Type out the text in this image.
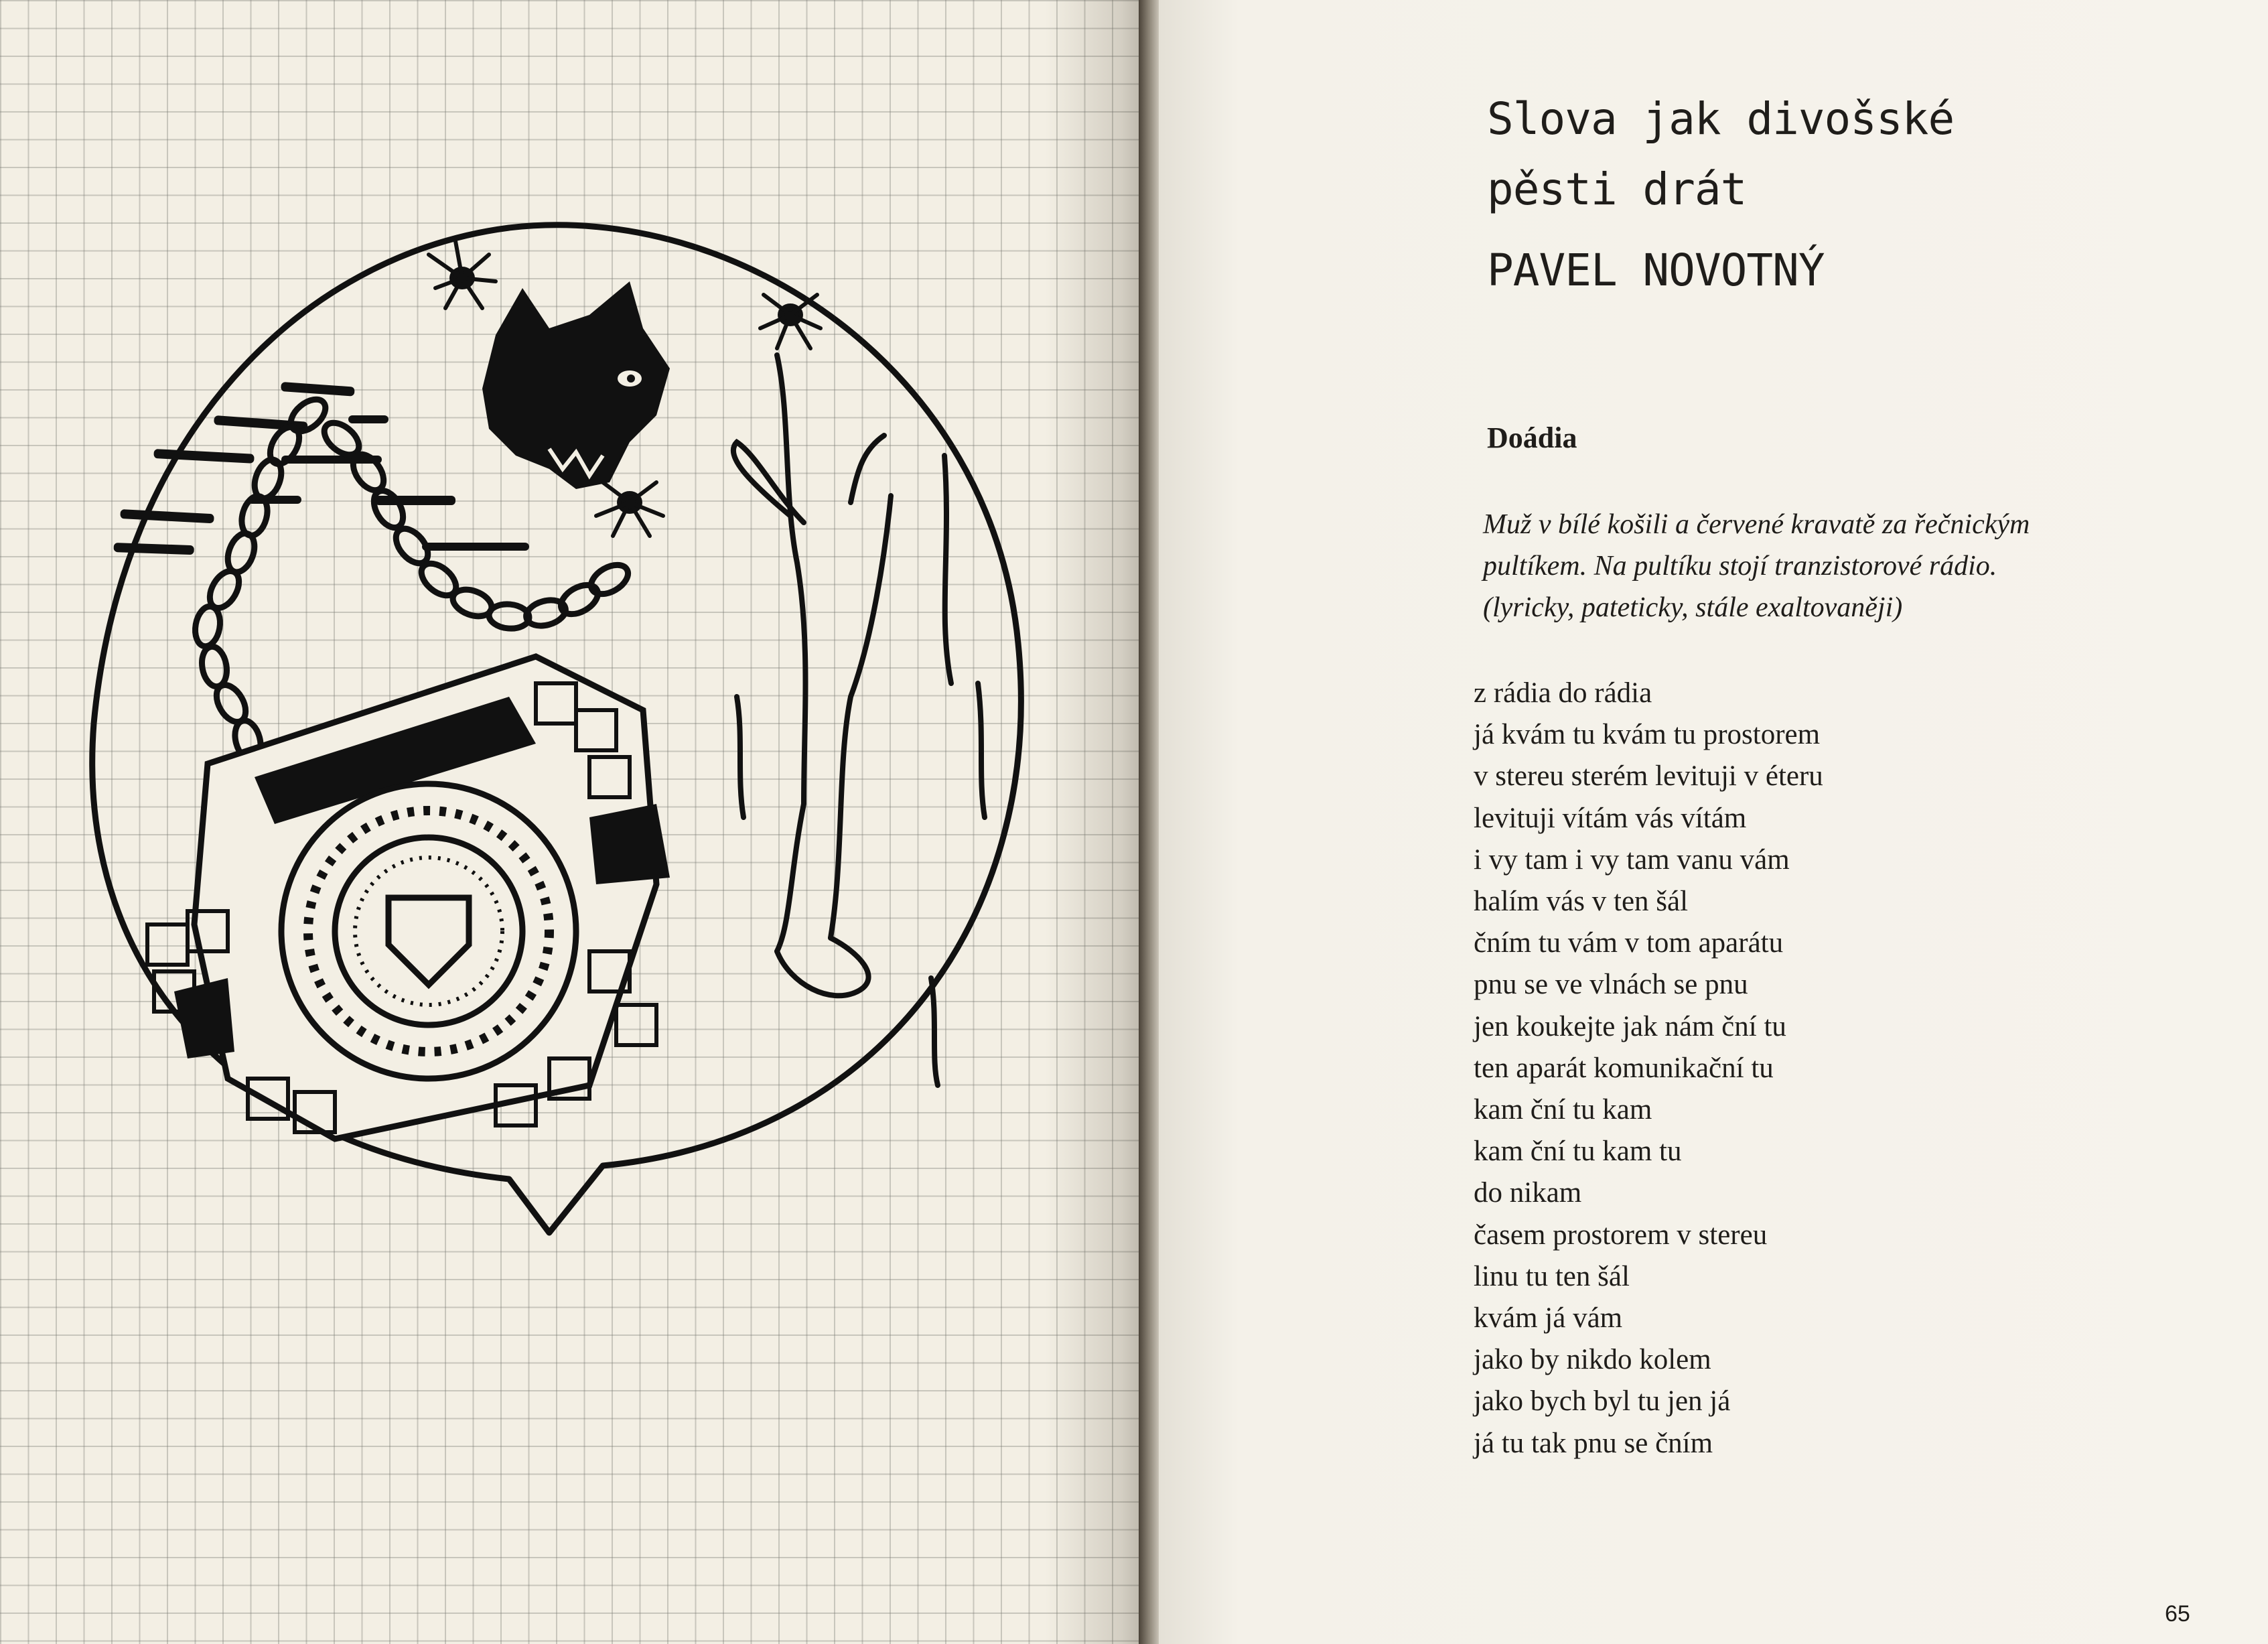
Slova jak divošské
pěsti drát
PAVEL NOVOTNÝ
Doádia
Muž v bílé košili a červené kravatě za řečnickým
pultíkem. Na pultíku stojí tranzistorové rádio.
(lyricky, pateticky, stále exaltovaněji)
z rádia do rádia
já kvám tu kvám tu prostorem
v stereu sterém levituji v éteru
levituji vítám vás vítám
i vy tam i vy tam vanu vám
halím vás v ten šál
čním tu vám v tom aparátu
pnu se ve vlnách se pnu
jen koukejte jak nám ční tu
ten aparát komunikační tu
kam ční tu kam
kam ční tu kam tu
do nikam
časem prostorem v stereu
linu tu ten šál
kvám já vám
jako by nikdo kolem
jako bych byl tu jen já
já tu tak pnu se čním
65
